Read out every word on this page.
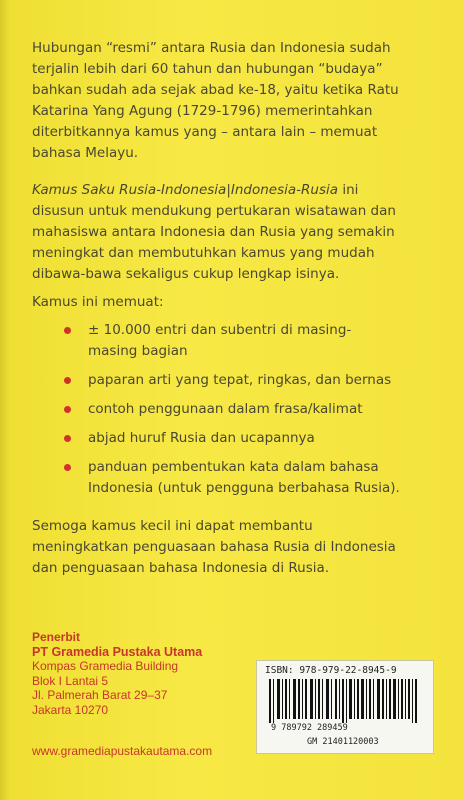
Hubungan “resmi” antara Rusia dan Indonesia sudah terjalin lebih dari 60 tahun dan hubungan “budaya” bahkan sudah ada sejak abad ke-18, yaitu ketika Ratu Katarina Yang Agung (1729-1796) memerintahkan diterbitkannya kamus yang – antara lain – memuat bahasa Melayu.

Kamus Saku Rusia-Indonesia|Indonesia-Rusia ini disusun untuk mendukung pertukaran wisatawan dan mahasiswa antara Indonesia dan Rusia yang semakin meningkat dan membutuhkan kamus yang mudah dibawa-bawa sekaligus cukup lengkap isinya.

Kamus ini memuat:

± 10.000 entri dan subentri di masing-masing bagian
paparan arti yang tepat, ringkas, dan bernas
contoh penggunaan dalam frasa/kalimat
abjad huruf Rusia dan ucapannya
panduan pembentukan kata dalam bahasa Indonesia (untuk pengguna berbahasa Rusia).

Semoga kamus kecil ini dapat membantu meningkatkan penguasaan bahasa Rusia di Indonesia dan penguasaan bahasa Indonesia di Rusia.

Penerbit
PT Gramedia Pustaka Utama
Kompas Gramedia Building
Blok I Lantai 5
Jl. Palmerah Barat 29–37
Jakarta 10270
www.gramediapustakautama.com
ISBN: 978-979-22-8945-9
9 789792 289459
GM 21401120003
